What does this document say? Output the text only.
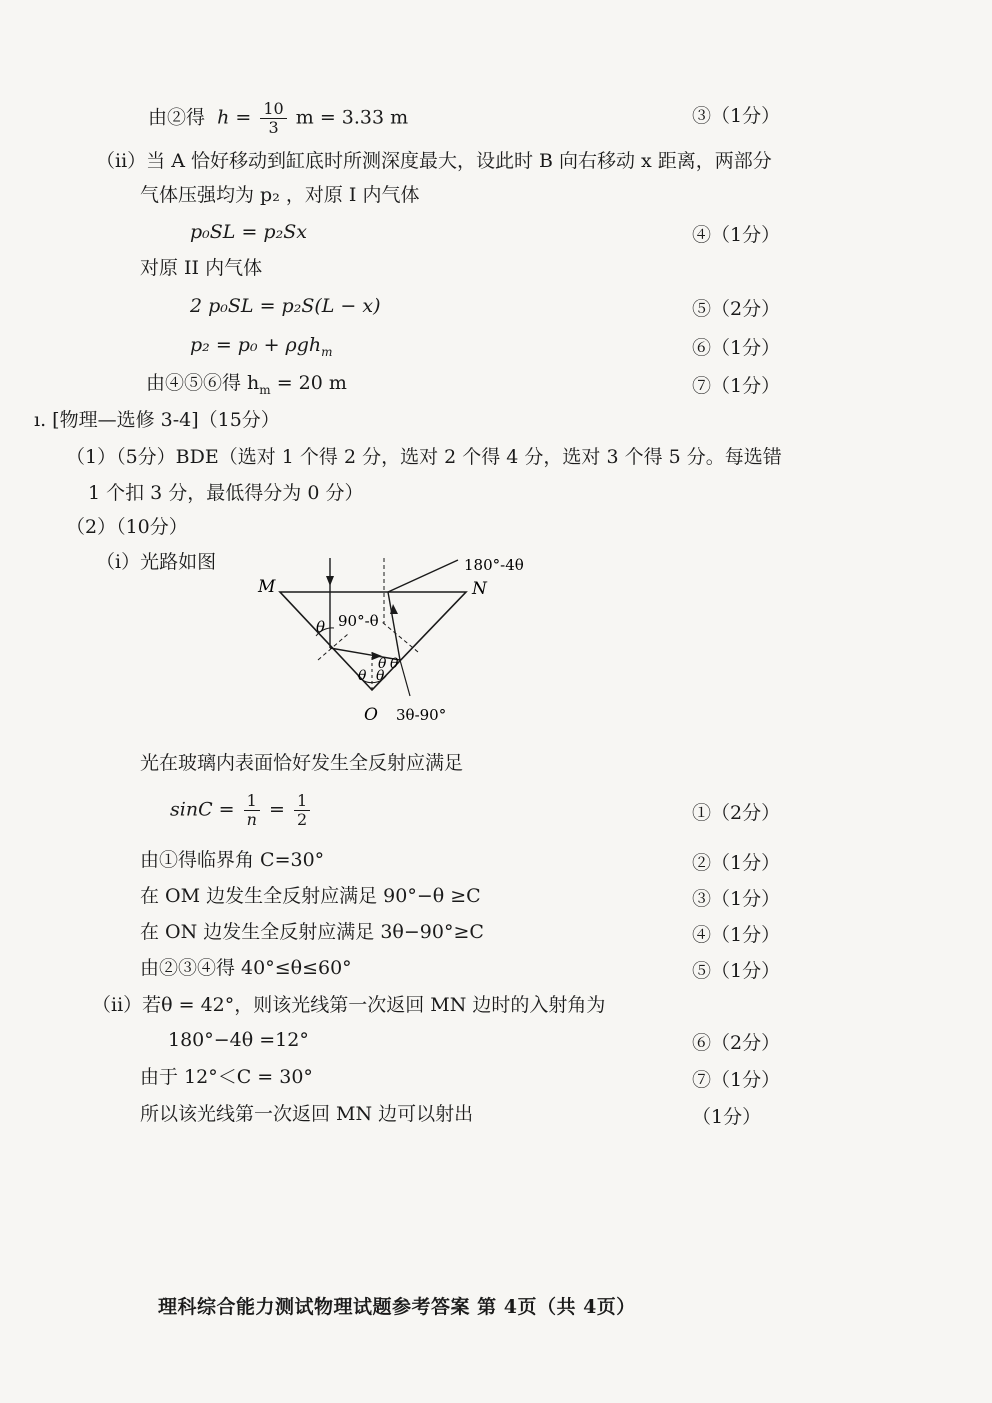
由②得 $h = \frac{10}{3}$ m = 3.33 m	③（1分）
（ii）当 A 恰好移动到缸底时所测深度最大，设此时 B 向右移动 x 距离，两部分
气体压强均为 p₂ ，对原 I 内气体
p₀SL = p₂Sx	④（1分）
对原 II 内气体
2 p₀SL = p₂S(L − x)	⑤（2分）
p₂ = p₀ + ρgh$_m$	⑥（1分）
由④⑤⑥得 $h_m = 20$ m	⑦（1分）
ı. [物理—选修 3-4]（15分）
（1）（5分）BDE（选对 1 个得 2 分，选对 2 个得 4 分，选对 3 个得 5 分。每选错
1 个扣 3 分，最低得分为 0 分）
（2）（10分）
（i）光路如图
M	N
O
180°-4θ
90°-θ
θ
θ θ
θ θ
3θ-90°
光在玻璃内表面恰好发生全反射应满足
$\sin C = \frac{1}{n} = \frac{1}{2}$	①（2分）
由①得临界角 C=30°	②（1分）
在 OM 边发生全反射应满足 90°−θ ≥C	③（1分）
在 ON 边发生全反射应满足 3θ−90°≥C	④（1分）
由②③④得 40°≤θ≤60°	⑤（1分）
（ii）若θ = 42°，则该光线第一次返回 MN 边时的入射角为
180°−4θ =12°	⑥（2分）
由于 12°＜C = 30°	⑦（1分）
所以该光线第一次返回 MN 边可以射出	（1分）
理科综合能力测试物理试题参考答案 第 4页（共 4页）
